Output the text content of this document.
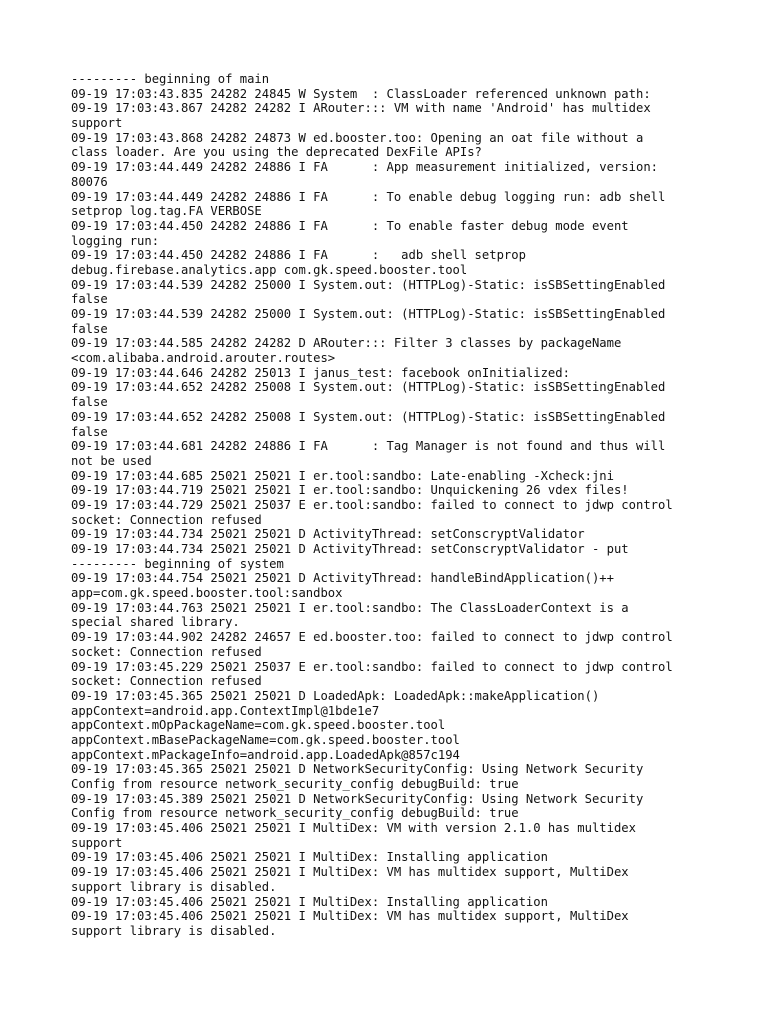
--------- beginning of main
09-19 17:03:43.835 24282 24845 W System  : ClassLoader referenced unknown path:
09-19 17:03:43.867 24282 24282 I ARouter::: VM with name 'Android' has multidex
support
09-19 17:03:43.868 24282 24873 W ed.booster.too: Opening an oat file without a
class loader. Are you using the deprecated DexFile APIs?
09-19 17:03:44.449 24282 24886 I FA      : App measurement initialized, version:
80076
09-19 17:03:44.449 24282 24886 I FA      : To enable debug logging run: adb shell
setprop log.tag.FA VERBOSE
09-19 17:03:44.450 24282 24886 I FA      : To enable faster debug mode event
logging run:
09-19 17:03:44.450 24282 24886 I FA      :   adb shell setprop
debug.firebase.analytics.app com.gk.speed.booster.tool
09-19 17:03:44.539 24282 25000 I System.out: (HTTPLog)-Static: isSBSettingEnabled
false
09-19 17:03:44.539 24282 25000 I System.out: (HTTPLog)-Static: isSBSettingEnabled
false
09-19 17:03:44.585 24282 24282 D ARouter::: Filter 3 classes by packageName
<com.alibaba.android.arouter.routes>
09-19 17:03:44.646 24282 25013 I janus_test: facebook onInitialized:
09-19 17:03:44.652 24282 25008 I System.out: (HTTPLog)-Static: isSBSettingEnabled
false
09-19 17:03:44.652 24282 25008 I System.out: (HTTPLog)-Static: isSBSettingEnabled
false
09-19 17:03:44.681 24282 24886 I FA      : Tag Manager is not found and thus will
not be used
09-19 17:03:44.685 25021 25021 I er.tool:sandbo: Late-enabling -Xcheck:jni
09-19 17:03:44.719 25021 25021 I er.tool:sandbo: Unquickening 26 vdex files!
09-19 17:03:44.729 25021 25037 E er.tool:sandbo: failed to connect to jdwp control
socket: Connection refused
09-19 17:03:44.734 25021 25021 D ActivityThread: setConscryptValidator
09-19 17:03:44.734 25021 25021 D ActivityThread: setConscryptValidator - put
--------- beginning of system
09-19 17:03:44.754 25021 25021 D ActivityThread: handleBindApplication()++
app=com.gk.speed.booster.tool:sandbox
09-19 17:03:44.763 25021 25021 I er.tool:sandbo: The ClassLoaderContext is a
special shared library.
09-19 17:03:44.902 24282 24657 E ed.booster.too: failed to connect to jdwp control
socket: Connection refused
09-19 17:03:45.229 25021 25037 E er.tool:sandbo: failed to connect to jdwp control
socket: Connection refused
09-19 17:03:45.365 25021 25021 D LoadedApk: LoadedApk::makeApplication()
appContext=android.app.ContextImpl@1bde1e7
appContext.mOpPackageName=com.gk.speed.booster.tool
appContext.mBasePackageName=com.gk.speed.booster.tool
appContext.mPackageInfo=android.app.LoadedApk@857c194
09-19 17:03:45.365 25021 25021 D NetworkSecurityConfig: Using Network Security
Config from resource network_security_config debugBuild: true
09-19 17:03:45.389 25021 25021 D NetworkSecurityConfig: Using Network Security
Config from resource network_security_config debugBuild: true
09-19 17:03:45.406 25021 25021 I MultiDex: VM with version 2.1.0 has multidex
support
09-19 17:03:45.406 25021 25021 I MultiDex: Installing application
09-19 17:03:45.406 25021 25021 I MultiDex: VM has multidex support, MultiDex
support library is disabled.
09-19 17:03:45.406 25021 25021 I MultiDex: Installing application
09-19 17:03:45.406 25021 25021 I MultiDex: VM has multidex support, MultiDex
support library is disabled.
